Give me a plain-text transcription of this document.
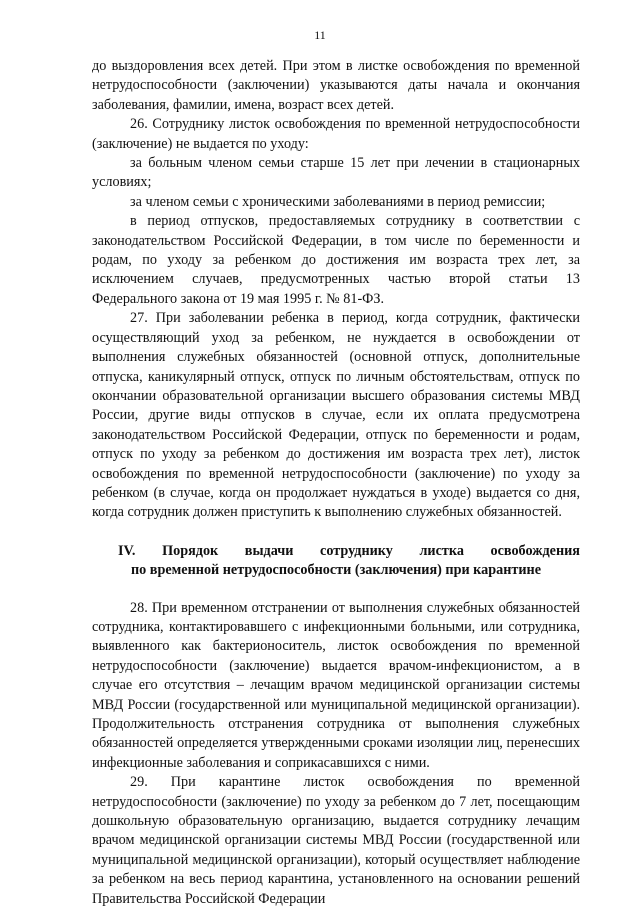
11

до выздоровления всех детей. При этом в листке освобождения по временной нетрудоспособности (заключении) указываются даты начала и окончания заболевания, фамилии, имена, возраст всех детей.

26. Сотруднику листок освобождения по временной нетрудоспособности (заключение) не выдается по уходу:

за больным членом семьи старше 15 лет при лечении в стационарных условиях;

за членом семьи с хроническими заболеваниями в период ремиссии;

в период отпусков, предоставляемых сотруднику в соответствии с законодательством Российской Федерации, в том числе по беременности и родам, по уходу за ребенком до достижения им возраста трех лет, за исключением случаев, предусмотренных частью второй статьи 13 Федерального закона от 19 мая 1995 г. № 81-ФЗ.

27. При заболевании ребенка в период, когда сотрудник, фактически осуществляющий уход за ребенком, не нуждается в освобождении от выполнения служебных обязанностей (основной отпуск, дополнительные отпуска, каникулярный отпуск, отпуск по личным обстоятельствам, отпуск по окончании образовательной организации высшего образования системы МВД России, другие виды отпусков в случае, если их оплата предусмотрена законодательством Российской Федерации, отпуск по беременности и родам, отпуск по уходу за ребенком до достижения им возраста трех лет), листок освобождения по временной нетрудоспособности (заключение) по уходу за ребенком (в случае, когда он продолжает нуждаться в уходе) выдается со дня, когда сотрудник должен приступить к выполнению служебных обязанностей.

IV. Порядок выдачи сотруднику листка освобождения
по временной нетрудоспособности (заключения) при карантине

28. При временном отстранении от выполнения служебных обязанностей сотрудника, контактировавшего с инфекционными больными, или сотрудника, выявленного как бактерионоситель, листок освобождения по временной нетрудоспособности (заключение) выдается врачом-инфекционистом, а в случае его отсутствия – лечащим врачом медицинской организации системы МВД России (государственной или муниципальной медицинской организации). Продолжительность отстранения сотрудника от выполнения служебных обязанностей определяется утвержденными сроками изоляции лиц, перенесших инфекционные заболевания и соприкасавшихся с ними.

29. При карантине листок освобождения по временной нетрудоспособности (заключение) по уходу за ребенком до 7 лет, посещающим дошкольную образовательную организацию, выдается сотруднику лечащим врачом медицинской организации системы МВД России (государственной или муниципальной медицинской организации), который осуществляет наблюдение за ребенком на весь период карантина, установленного на основании решений Правительства Российской Федерации
